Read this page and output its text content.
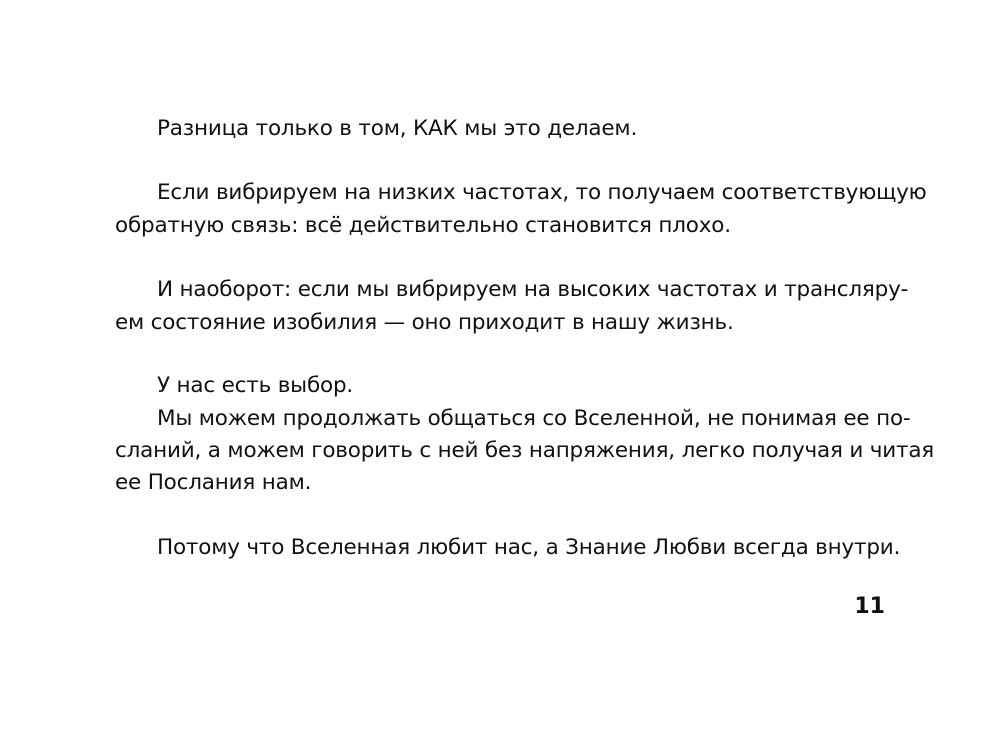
Разница только в том, КАК мы это делаем.
Если вибрируем на низких частотах, то получаем соответствующую
обратную связь: всё действительно становится плохо.
И наоборот: если мы вибрируем на высоких частотах и трансляру-
ем состояние изобилия — оно приходит в нашу жизнь.
У нас есть выбор.
Мы можем продолжать общаться со Вселенной, не понимая ее по-
сланий, а можем говорить с ней без напряжения, легко получая и читая
ее Послания нам.
Потому что Вселенная любит нас, а Знание Любви всегда внутри.
11
